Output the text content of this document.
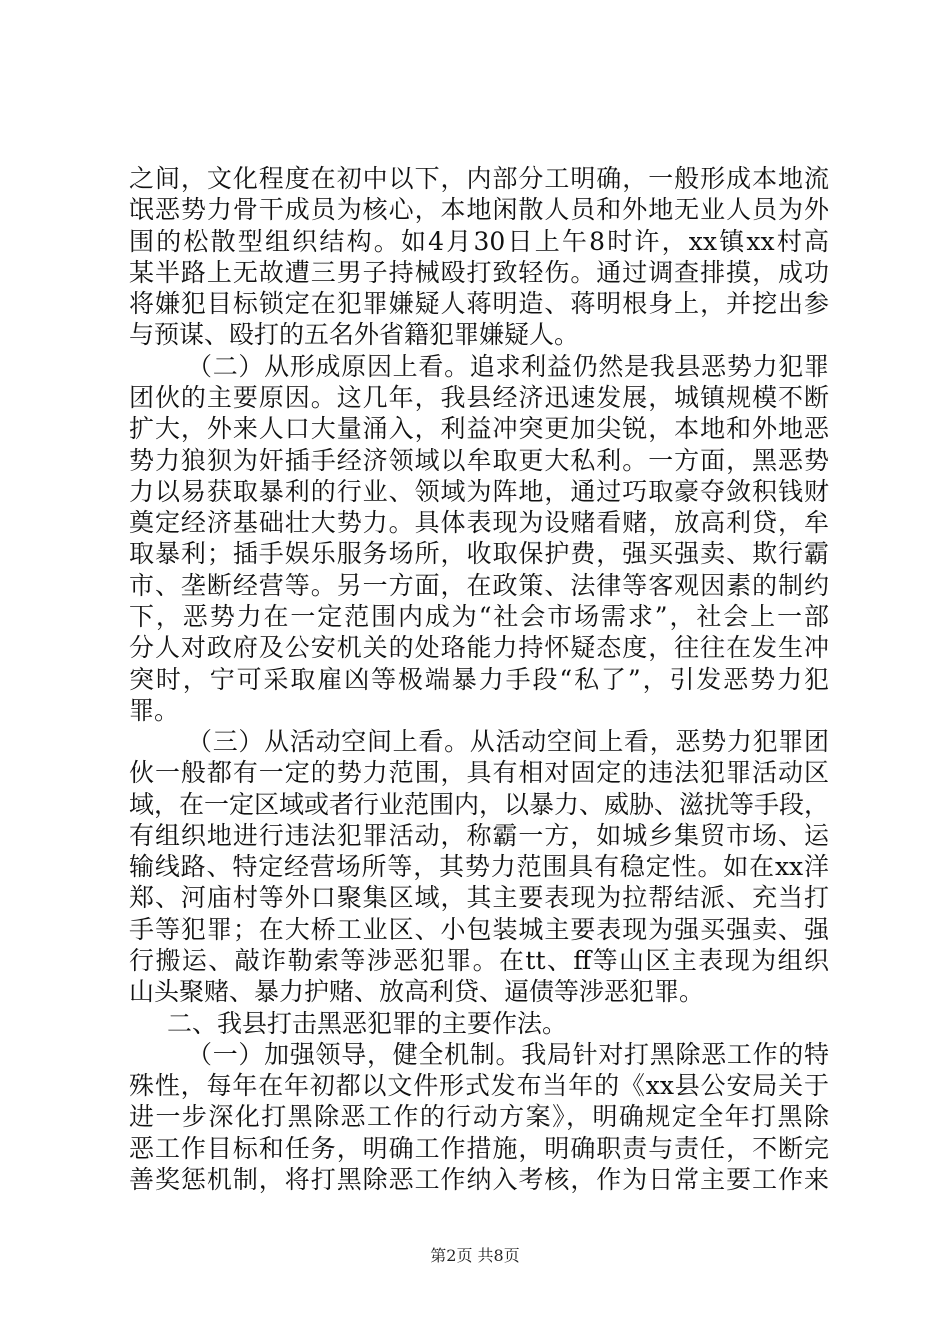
之间，文化程度在初中以下，内部分工明确，一般形成本地流
氓恶势力骨干成员为核心，本地闲散人员和外地无业人员为外
围的松散型组织结构。如4月30日上午8时许，xx镇xx村高
某半路上无故遭三男子持械殴打致轻伤。通过调查排摸，成功
将嫌犯目标锁定在犯罪嫌疑人蒋明造、蒋明根身上，并挖出参
与预谋、殴打的五名外省籍犯罪嫌疑人。
（二）从形成原因上看。追求利益仍然是我县恶势力犯罪
团伙的主要原因。这几年，我县经济迅速发展，城镇规模不断
扩大，外来人口大量涌入，利益冲突更加尖锐，本地和外地恶
势力狼狈为奸插手经济领域以牟取更大私利。一方面，黑恶势
力以易获取暴利的行业、领域为阵地，通过巧取豪夺敛积钱财
奠定经济基础壮大势力。具体表现为设赌看赌，放高利贷，牟
取暴利；插手娱乐服务场所，收取保护费，强买强卖、欺行霸
市、垄断经营等。另一方面，在政策、法律等客观因素的制约
下，恶势力在一定范围内成为“社会市场需求”，社会上一部
分人对政府及公安机关的处珞能力持怀疑态度，往往在发生冲
突时，宁可采取雇凶等极端暴力手段“私了”，引发恶势力犯
罪。
（三）从活动空间上看。从活动空间上看，恶势力犯罪团
伙一般都有一定的势力范围，具有相对固定的违法犯罪活动区
域，在一定区域或者行业范围内，以暴力、威胁、滋扰等手段，
有组织地进行违法犯罪活动，称霸一方，如城乡集贸市场、运
输线路、特定经营场所等，其势力范围具有稳定性。如在xx洋
郑、河庙村等外口聚集区域，其主要表现为拉帮结派、充当打
手等犯罪；在大桥工业区、小包装城主要表现为强买强卖、强
行搬运、敲诈勒索等涉恶犯罪。在tt、ff等山区主表现为组织
山头聚赌、暴力护赌、放高利贷、逼债等涉恶犯罪。
二、我县打击黑恶犯罪的主要作法。
（一）加强领导，健全机制。我局针对打黑除恶工作的特
殊性，每年在年初都以文件形式发布当年的《xx县公安局关于
进一步深化打黑除恶工作的行动方案》，明确规定全年打黑除
恶工作目标和任务，明确工作措施，明确职责与责任，不断完
善奖惩机制，将打黑除恶工作纳入考核，作为日常主要工作来
第2页 共8页
